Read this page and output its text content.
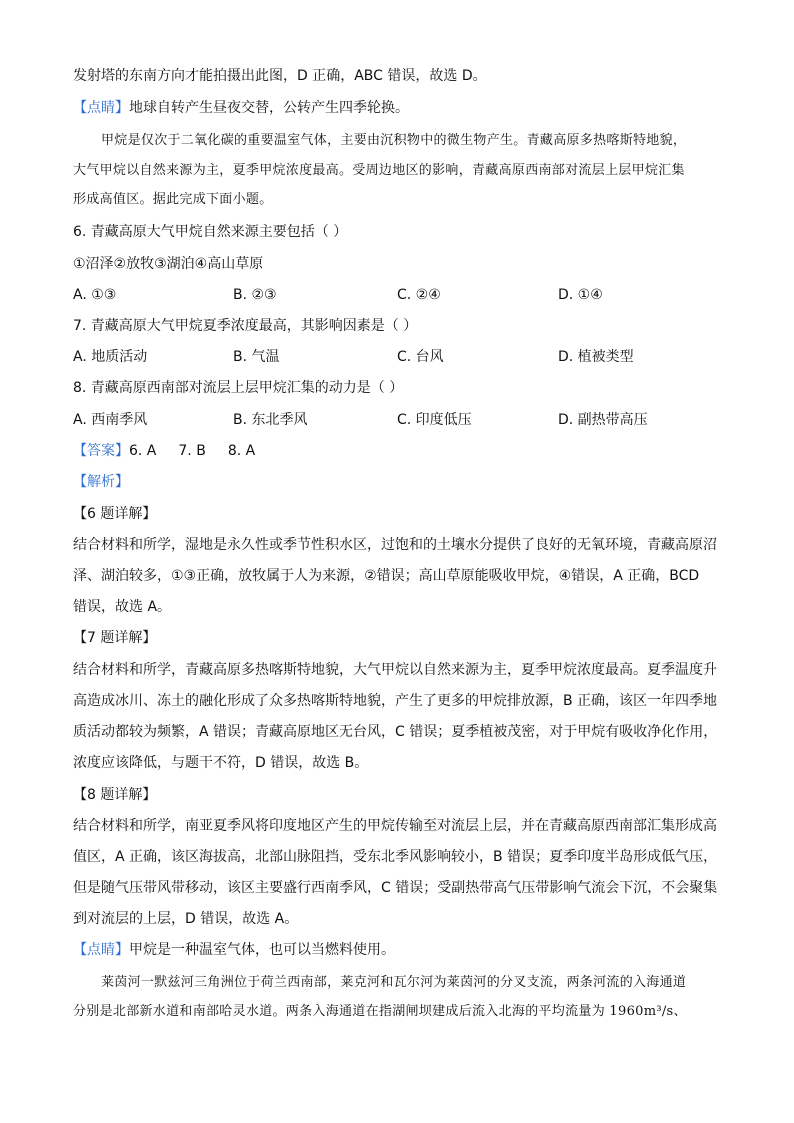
发射塔的东南方向才能拍摄出此图，D 正确，ABC 错误，故选 D。
【点睛】地球自转产生昼夜交替，公转产生四季轮换。
甲烷是仅次于二氧化碳的重要温室气体，主要由沉积物中的微生物产生。青藏高原多热喀斯特地貌，
大气甲烷以自然来源为主，夏季甲烷浓度最高。受周边地区的影响，青藏高原西南部对流层上层甲烷汇集
形成高值区。据此完成下面小题。
6. 青藏高原大气甲烷自然来源主要包括（ ）
①沼泽②放牧③湖泊④高山草原
A. ①③	B. ②③	C. ②④	D. ①④
7. 青藏高原大气甲烷夏季浓度最高，其影响因素是（ ）
A. 地质活动	B. 气温	C. 台风	D. 植被类型
8. 青藏高原西南部对流层上层甲烷汇集的动力是（ ）
A. 西南季风	B. 东北季风	C. 印度低压	D. 副热带高压
【答案】6. A 7. B 8. A
【解析】
【6 题详解】
结合材料和所学，湿地是永久性或季节性积水区，过饱和的土壤水分提供了良好的无氧环境，青藏高原沼
泽、湖泊较多，①③正确，放牧属于人为来源，②错误；高山草原能吸收甲烷，④错误，A 正确，BCD
错误，故选 A。
【7 题详解】
结合材料和所学，青藏高原多热喀斯特地貌，大气甲烷以自然来源为主，夏季甲烷浓度最高。夏季温度升
高造成冰川、冻土的融化形成了众多热喀斯特地貌，产生了更多的甲烷排放源，B 正确，该区一年四季地
质活动都较为频繁，A 错误；青藏高原地区无台风，C 错误；夏季植被茂密，对于甲烷有吸收净化作用，
浓度应该降低，与题干不符，D 错误，故选 B。
【8 题详解】
结合材料和所学，南亚夏季风将印度地区产生的甲烷传输至对流层上层，并在青藏高原西南部汇集形成高
值区，A 正确，该区海拔高，北部山脉阻挡，受东北季风影响较小，B 错误；夏季印度半岛形成低气压，
但是随气压带风带移动，该区主要盛行西南季风，C 错误；受副热带高气压带影响气流会下沉，不会聚集
到对流层的上层，D 错误，故选 A。
【点睛】甲烷是一种温室气体，也可以当燃料使用。
莱茵河一默兹河三角洲位于荷兰西南部，莱克河和瓦尔河为莱茵河的分叉支流，两条河流的入海通道
分别是北部新水道和南部哈灵水道。两条入海通道在指湖闸坝建成后流入北海的平均流量为 1960m³/s、
